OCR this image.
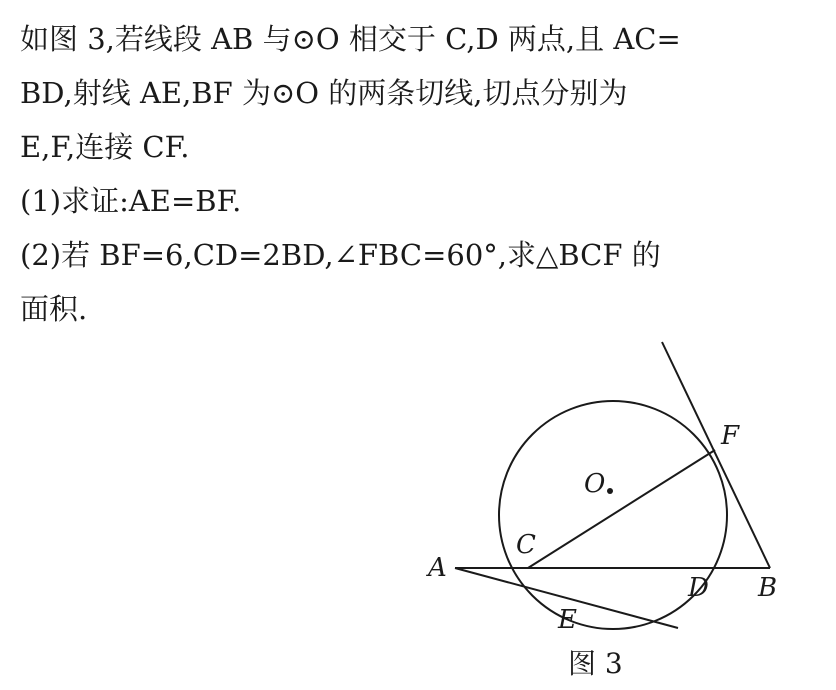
如图 3,若线段 AB 与⊙O 相交于 C,D 两点,且 AC=
BD,射线 AE,BF 为⊙O 的两条切线,切点分别为
E,F,连接 CF.
(1)求证:AE=BF.
(2)若 BF=6,CD=2BD,∠FBC=60°,求△BCF 的
面积.
O
F
C
A
D B
E
图 3
